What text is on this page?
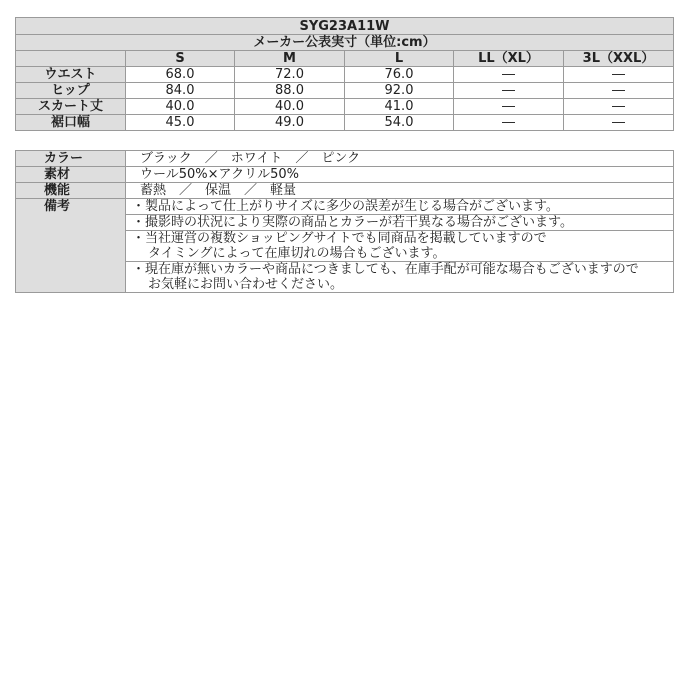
SYG23A11W					
メーカー公表実寸（単位:cm）					
	S	M	L	LL（XL）	3L（XXL）
ウエスト	68.0	72.0	76.0	―	―
ヒップ	84.0	88.0	92.0	―	―
スカート丈	40.0	40.0	41.0	―	―
裾口幅	45.0	49.0	54.0	―	―
カラー	ブラック　／　ホワイト　／　ピンク
素材	ウール50%×アクリル50%
機能	蓄熱　／　保温　／　軽量
備考	・製品によって仕上がりサイズに多少の誤差が生じる場合がございます。

	・撮影時の状況により実際の商品とカラーが若干異なる場合がございます。

	・当社運営の複数ショッピングサイトでも同商品を掲載していますので
タイミングによって在庫切れの場合もございます。

	・現在庫が無いカラーや商品につきましても、在庫手配が可能な場合もございますので
お気軽にお問い合わせください。
